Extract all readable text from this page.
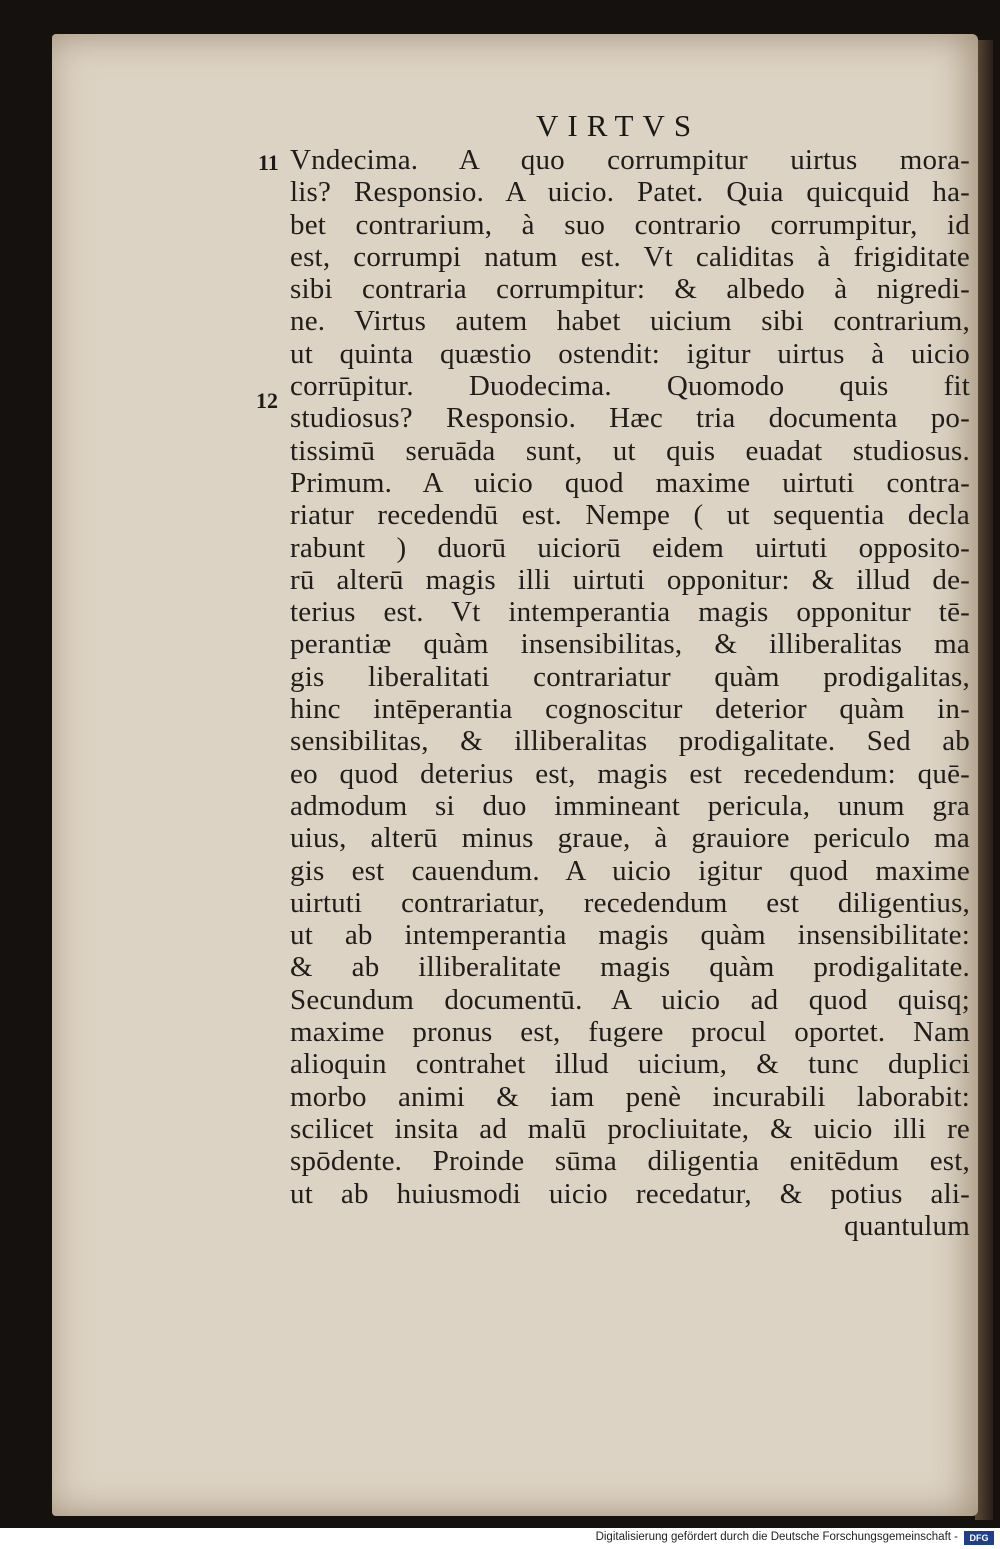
VIRTVS
11
12
Vndecima. A quo corrumpitur uirtus mora-
lis? Responsio. A uicio. Patet. Quia quicquid ha-
bet contrarium, à suo contrario corrumpitur, id
est, corrumpi natum est. Vt caliditas à frigiditate
sibi contraria corrumpitur: & albedo à nigredi-
ne. Virtus autem habet uicium sibi contrarium,
ut quinta quæstio ostendit: igitur uirtus à uicio
corrūpitur. Duodecima. Quomodo quis fit
studiosus? Responsio. Hæc tria documenta po-
tissimū seruāda sunt, ut quis euadat studiosus.
Primum. A uicio quod maxime uirtuti contra-
riatur recedendū est. Nempe ( ut sequentia decla
rabunt ) duorū uiciorū eidem uirtuti opposito-
rū alterū magis illi uirtuti opponitur: & illud de-
terius est. Vt intemperantia magis opponitur tē-
perantiæ quàm insensibilitas, & illiberalitas ma
gis liberalitati contrariatur quàm prodigalitas,
hinc intēperantia cognoscitur deterior quàm in-
sensibilitas, & illiberalitas prodigalitate. Sed ab
eo quod deterius est, magis est recedendum: quē-
admodum si duo immineant pericula, unum gra
uius, alterū minus graue, à grauiore periculo ma
gis est cauendum. A uicio igitur quod maxime
uirtuti contrariatur, recedendum est diligentius,
ut ab intemperantia magis quàm insensibilitate:
& ab illiberalitate magis quàm prodigalitate.
Secundum documentū. A uicio ad quod quisq;
maxime pronus est, fugere procul oportet. Nam
alioquin contrahet illud uicium, & tunc duplici
morbo animi & iam penè incurabili laborabit:
scilicet insita ad malū procliuitate, & uicio illi re
spōdente. Proinde sūma diligentia enitēdum est,
ut ab huiusmodi uicio recedatur, & potius ali-
quantulum
Digitalisierung gefördert durch die Deutsche Forschungsgemeinschaft -	DFG
